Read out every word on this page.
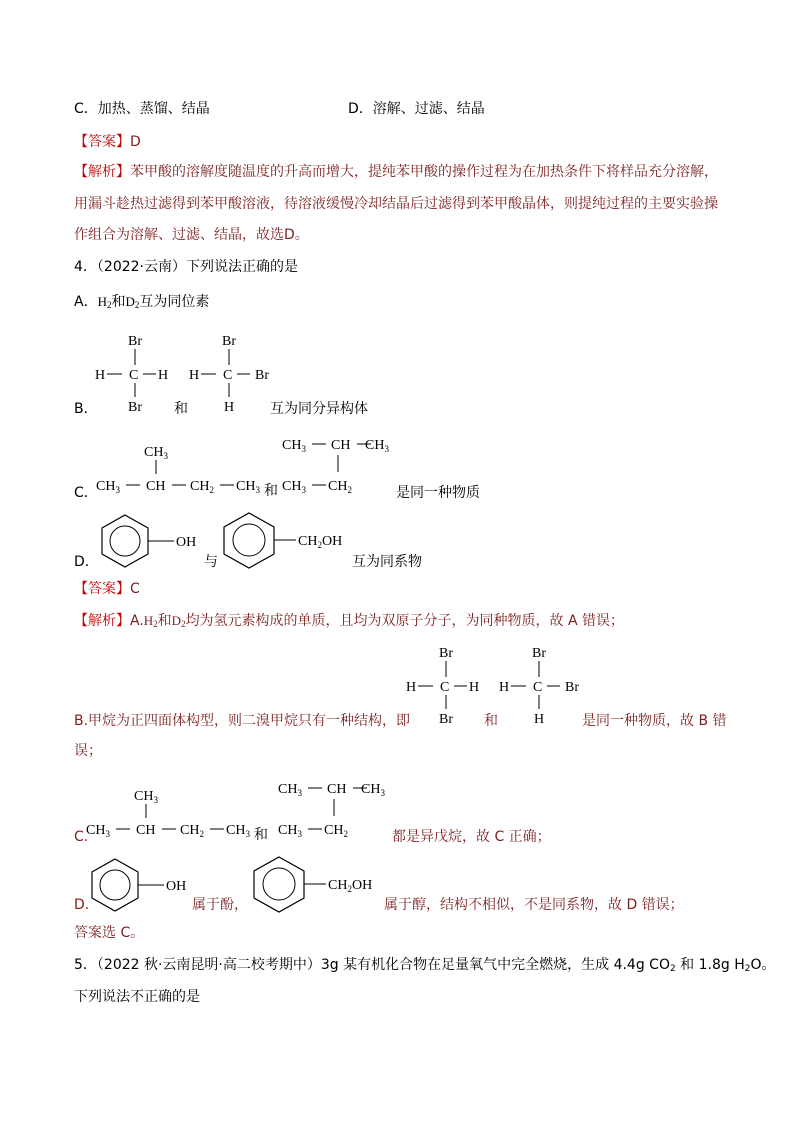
C．加热、蒸馏、结晶	D．溶解、过滤、结晶
【答案】D
【解析】苯甲酸的溶解度随温度的升高而增大，提纯苯甲酸的操作过程为在加热条件下将样品充分溶解，
用漏斗趁热过滤得到苯甲酸溶液，待溶液缓慢冷却结晶后过滤得到苯甲酸晶体，则提纯过程的主要实验操
作组合为溶解、过滤、结晶，故选D。
4．（2022·云南）下列说法正确的是
A．$H_2$和$D_2$互为同位素
Br
H C H
Br
Br
H C Br
H
B．	和	互为同分异构体
$CH_3$
$CH_3$ CH $CH_2$ $CH_3$ 和
$CH_3$ CH $CH_3$
$CH_3$ $CH_2$
C．	是同一种物质
OH	$CH_2OH$
D．	与	互为同系物
【答案】C
【解析】$A.H_2$和$D_2$均为氢元素构成的单质，且均为双原子分子，为同种物质，故 A 错误；
Br
H C H
Br
Br
H C Br
H
B.甲烷为正四面体构型，则二溴甲烷只有一种结构，即	和	是同一种物质，故 B 错
误；
$CH_3$
$CH_3$ CH $CH_2$ $CH_3$ 和
$CH_3$ CH $CH_3$
$CH_3$ $CH_2$
C.	都是异戊烷，故 C 正确；
OH	$CH_2OH$
D.	属于酚，	属于醇，结构不相似，不是同系物，故 D 错误；
答案选 C。
5．（2022 秋·云南昆明·高二校考期中）3g 某有机化合物在足量氧气中完全燃烧，生成 4.4g $CO_2$ 和 1.8g $H_2O$。
下列说法不正确的是
